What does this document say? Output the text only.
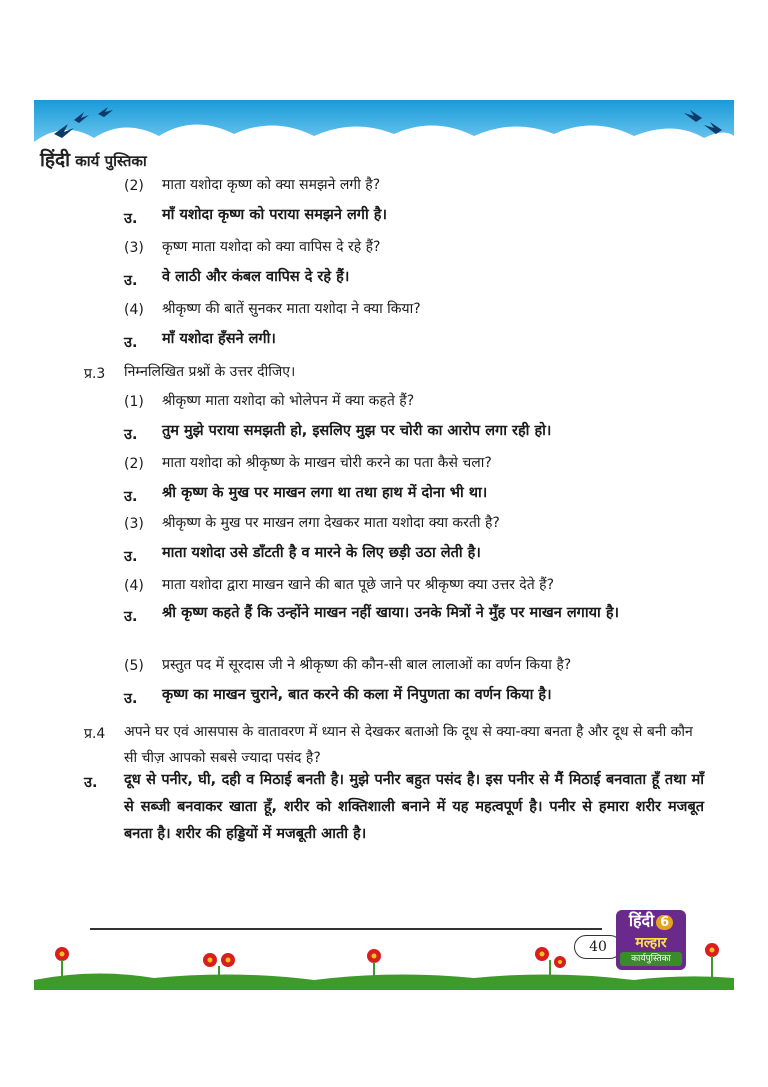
हिंदी कार्य पुस्तिका
(2) माता यशोदा कृष्ण को क्या समझने लगी है?
उ. माँ यशोदा कृष्ण को पराया समझने लगी है।
(3) कृष्ण माता यशोदा को क्या वापिस दे रहे हैं?
उ. वे लाठी और कंबल वापिस दे रहे हैं।
(4) श्रीकृष्ण की बातें सुनकर माता यशोदा ने क्या किया?
उ. माँ यशोदा हँसने लगी।
प्र.3 निम्नलिखित प्रश्नों के उत्तर दीजिए।
(1) श्रीकृष्ण माता यशोदा को भोलेपन में क्या कहते हैं?
उ. तुम मुझे पराया समझती हो, इसलिए मुझ पर चोरी का आरोप लगा रही हो।
(2) माता यशोदा को श्रीकृष्ण के माखन चोरी करने का पता कैसे चला?
उ. श्री कृष्ण के मुख पर माखन लगा था तथा हाथ में दोना भी था।
(3) श्रीकृष्ण के मुख पर माखन लगा देखकर माता यशोदा क्या करती है?
उ. माता यशोदा उसे डाँटती है व मारने के लिए छड़ी उठा लेती है।
(4) माता यशोदा द्वारा माखन खाने की बात पूछे जाने पर श्रीकृष्ण क्या उत्तर देते हैं?
उ. श्री कृष्ण कहते हैं कि उन्होंने माखन नहीं खाया। उनके मित्रों ने मुँह पर माखन लगाया है।
(5) प्रस्तुत पद में सूरदास जी ने श्रीकृष्ण की कौन-सी बाल लालाओं का वर्णन किया है?
उ. कृष्ण का माखन चुराने, बात करने की कला में निपुणता का वर्णन किया है।
प्र.4 अपने घर एवं आसपास के वातावरण में ध्यान से देखकर बताओ कि दूध से क्या-क्या बनता है और दूध से बनी कौन सी चीज़ आपको सबसे ज्यादा पसंद है?
उ. दूध से पनीर, घी, दही व मिठाई बनती है। मुझे पनीर बहुत पसंद है। इस पनीर से मैं मिठाई बनवाता हूँ तथा माँ से सब्जी बनवाकर खाता हूँ, शरीर को शक्तिशाली बनाने में यह महत्वपूर्ण है। पनीर से हमारा शरीर मजबूत बनता है। शरीर की हड्डियों में मजबूती आती है।
40
हिंदी 6
मल्हार
कार्यपुस्तिका
